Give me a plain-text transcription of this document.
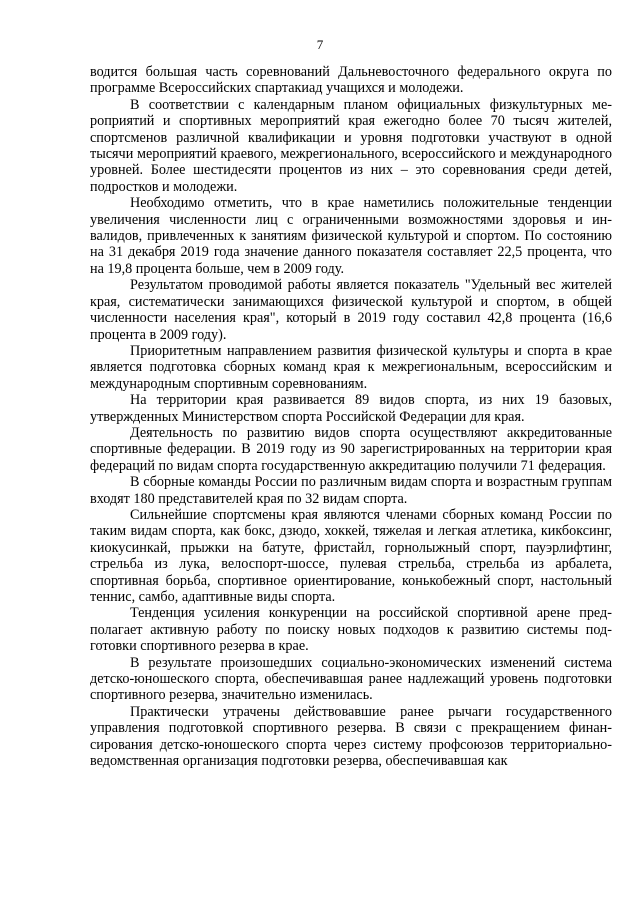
7

водится большая часть соревнований Дальневосточного федерального округа по программе Всероссийских спартакиад учащихся и молодежи.

В соответствии с календарным планом официальных физкультурных мероприятий и спортивных мероприятий края ежегодно более 70 тысяч жителей, спортсменов различной квалификации и уровня подготовки участвуют в одной тысячи мероприятий краевого, межрегионального, всероссийского и международного уровней. Более шестидесяти процентов из них – это соревнования среди детей, подростков и молодежи.

Необходимо отметить, что в крае наметились положительные тенденции увеличения численности лиц с ограниченными возможностями здоровья и инвалидов, привлеченных к занятиям физической культурой и спортом. По состоянию на 31 декабря 2019 года значение данного показателя составляет 22,5 процента, что на 19,8 процента больше, чем в 2009 году.

Результатом проводимой работы является показатель "Удельный вес жителей края, систематически занимающихся физической культурой и спортом, в общей численности населения края", который в 2019 году составил 42,8 процента (16,6 процента в 2009 году).

Приоритетным направлением развития физической культуры и спорта в крае является подготовка сборных команд края к межрегиональным, всероссийским и международным спортивным соревнованиям.

На территории края развивается 89 видов спорта, из них 19 базовых, утвержденных Министерством спорта Российской Федерации для края.

Деятельность по развитию видов спорта осуществляют аккредитованные спортивные федерации. В 2019 году из 90 зарегистрированных на территории края федераций по видам спорта государственную аккредитацию получили 71 федерация.

В сборные команды России по различным видам спорта и возрастным группам входят 180 представителей края по 32 видам спорта.

Сильнейшие спортсмены края являются членами сборных команд России по таким видам спорта, как бокс, дзюдо, хоккей, тяжелая и легкая атлетика, кикбоксинг, киокусинкай, прыжки на батуте, фристайл, горнолыжный спорт, пауэрлифтинг, стрельба из лука, велоспорт-шоссе, пулевая стрельба, стрельба из арбалета, спортивная борьба, спортивное ориентирование, конькобежный спорт, настольный теннис, самбо, адаптивные виды спорта.

Тенденция усиления конкуренции на российской спортивной арене предполагает активную работу по поиску новых подходов к развитию системы подготовки спортивного резерва в крае.

В результате произошедших социально-экономических изменений система детско-юношеского спорта, обеспечивавшая ранее надлежащий уровень подготовки спортивного резерва, значительно изменилась.

Практически утрачены действовавшие ранее рычаги государственного управления подготовкой спортивного резерва. В связи с прекращением финансирования детско-юношеского спорта через систему профсоюзов территориально-ведомственная организация подготовки резерва, обеспечивавшая как
